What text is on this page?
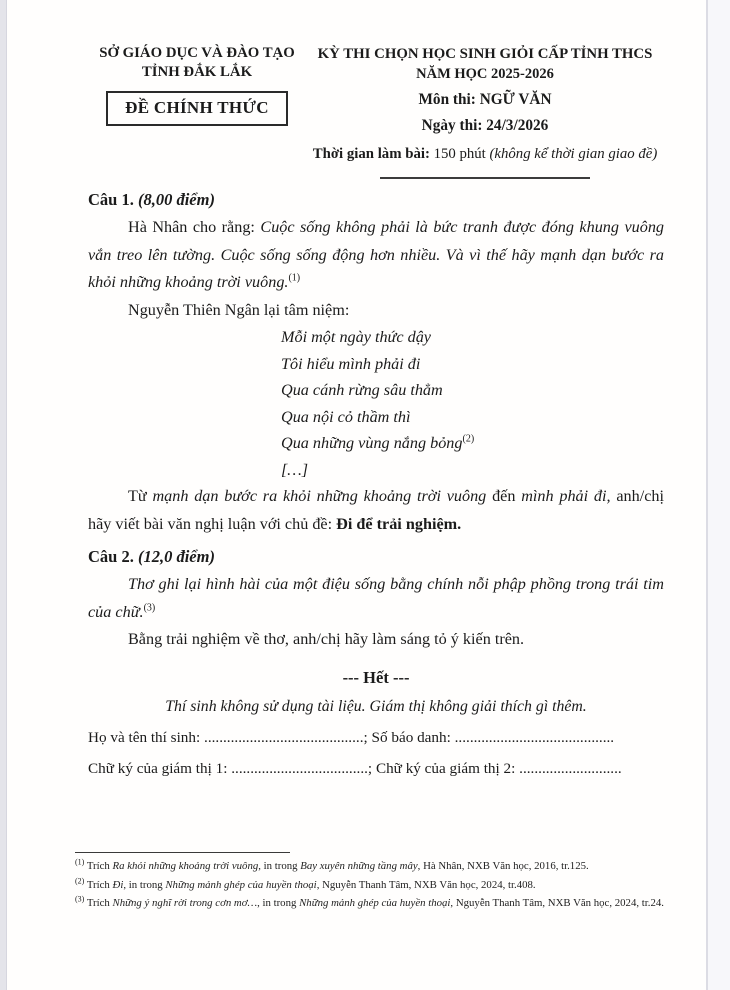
SỞ GIÁO DỤC VÀ ĐÀO TẠO
TỈNH ĐẮK LẮK
ĐỀ CHÍNH THỨC
KỲ THI CHỌN HỌC SINH GIỎI CẤP TỈNH THCS
NĂM HỌC 2025-2026
Môn thi: NGỮ VĂN
Ngày thi: 24/3/2026
Thời gian làm bài: 150 phút (không kể thời gian giao đề)
Câu 1. (8,00 điểm)

Hà Nhân cho rằng: Cuộc sống không phải là bức tranh được đóng khung vuông vắn treo lên tường. Cuộc sống sống động hơn nhiều. Và vì thế hãy mạnh dạn bước ra khỏi những khoảng trời vuông.$^{(1)}$

Nguyễn Thiên Ngân lại tâm niệm:

Mỗi một ngày thức dậy
Tôi hiểu mình phải đi
Qua cánh rừng sâu thẳm
Qua nội cỏ thầm thì
Qua những vùng nắng bỏng$^{(2)}$
[…]

Từ mạnh dạn bước ra khỏi những khoảng trời vuông đến mình phải đi, anh/chị hãy viết bài văn nghị luận với chủ đề: Đi để trải nghiệm.

Câu 2. (12,0 điểm)

Thơ ghi lại hình hài của một điệu sống bằng chính nỗi phập phồng trong trái tim của chữ.$^{(3)}$

Bằng trải nghiệm về thơ, anh/chị hãy làm sáng tỏ ý kiến trên.

--- Hết ---
Thí sinh không sử dụng tài liệu. Giám thị không giải thích gì thêm.

Họ và tên thí sinh: ..........................................; Số báo danh: ..........................................

Chữ ký của giám thị 1: ....................................; Chữ ký của giám thị 2: ...........................

$^{(1)}$ Trích Ra khỏi những khoảng trời vuông, in trong Bay xuyên những tầng mây, Hà Nhân, NXB Văn học, 2016, tr.125.
$^{(2)}$ Trích Đi, in trong Những mảnh ghép của huyền thoại, Nguyễn Thanh Tâm, NXB Văn học, 2024, tr.408.
$^{(3)}$ Trích Những ý nghĩ rời trong cơn mơ…, in trong Những mảnh ghép của huyền thoại, Nguyễn Thanh Tâm, NXB Văn học, 2024, tr.24.
